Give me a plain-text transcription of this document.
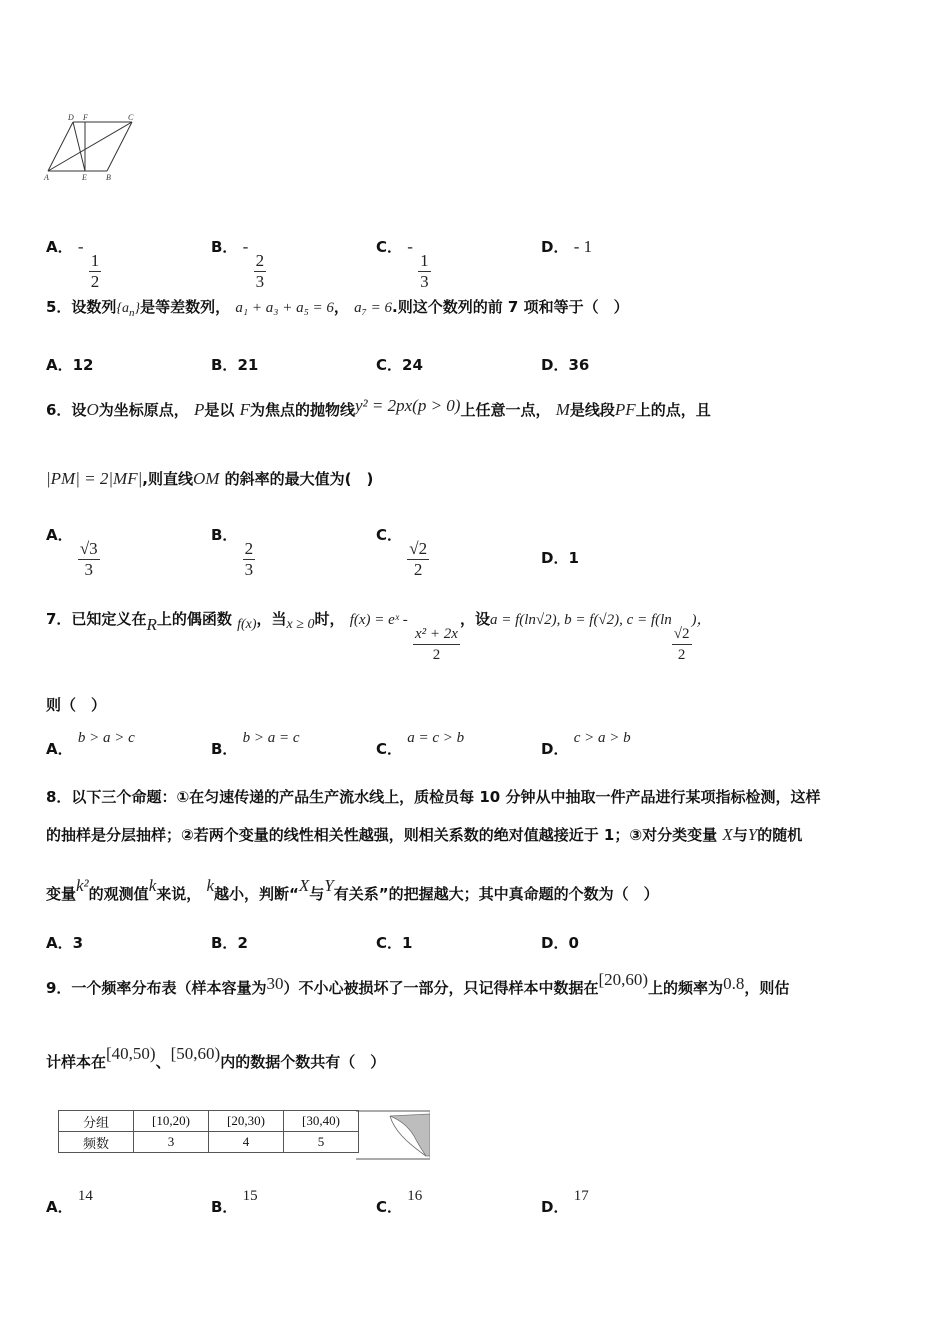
D F	C
A	E B
A． -
$\frac{1}{2}$
B． -
$\frac{2}{3}$
C． -
$\frac{1}{3}$
D． - 1
5．设数列$\{a_n\}$是等差数列， a₁ + a₃ + a₅ = 6， a₇ = 6.则这个数列的前 7 项和等于（　）
A．12	B．21	C．24	D．36
6．设O为坐标原点， P是以 F为焦点的抛物线y² = 2px(p > 0)上任意一点， M是线段PF上的点，且
|PM| = 2|MF|,则直线OM 的斜率的最大值为(　)
A．
$\frac{√3}{3}$
B．
$\frac{2}{3}$
C．
$\frac{√2}{2}$	D．1
7．已知定义在R上的偶函数 f(x)，当x ≥ 0时， f(x) = eˣ -
$\frac{\text{x² + 2x}}{2}$
，设a = f(ln√2), b = f(√2), c = f(ln
$\frac{√2}{2}$
)，
则（　）
A． b > a > c
B． b > a = c
C． a = c > b
D． c > a > b
8．以下三个命题：①在匀速传递的产品生产流水线上，质检员每 10 分钟从中抽取一件产品进行某项指标检测，这样
的抽样是分层抽样；②若两个变量的线性相关性越强，则相关系数的绝对值越接近于 1；③对分类变量 X与Y的随机
变量k²的观测值k来说， k越小，判断“X与Y有关系”的把握越大；其中真命题的个数为（　）
A．3	B．2	C．1	D．0
9．一个频率分布表（样本容量为30）不小心被损坏了一部分，只记得样本中数据在[20,60)上的频率为0.8，则估
计样本在[40,50)、[50,60)内的数据个数共有（　）
分组	[10,20)	[20,30)	[30,40)
频数	3	4	5
A． 14
B． 15
C． 16
D． 17
